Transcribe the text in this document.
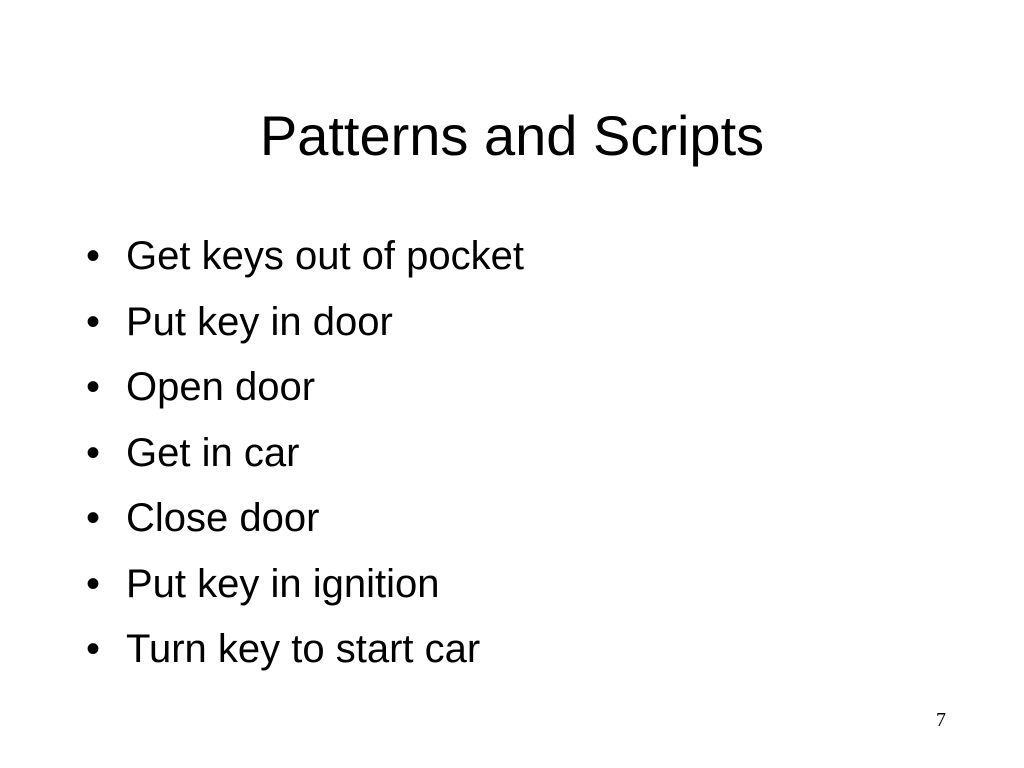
Patterns and Scripts
• Get keys out of pocket
• Put key in door
• Open door
• Get in car
• Close door
• Put key in ignition
• Turn key to start car
7
